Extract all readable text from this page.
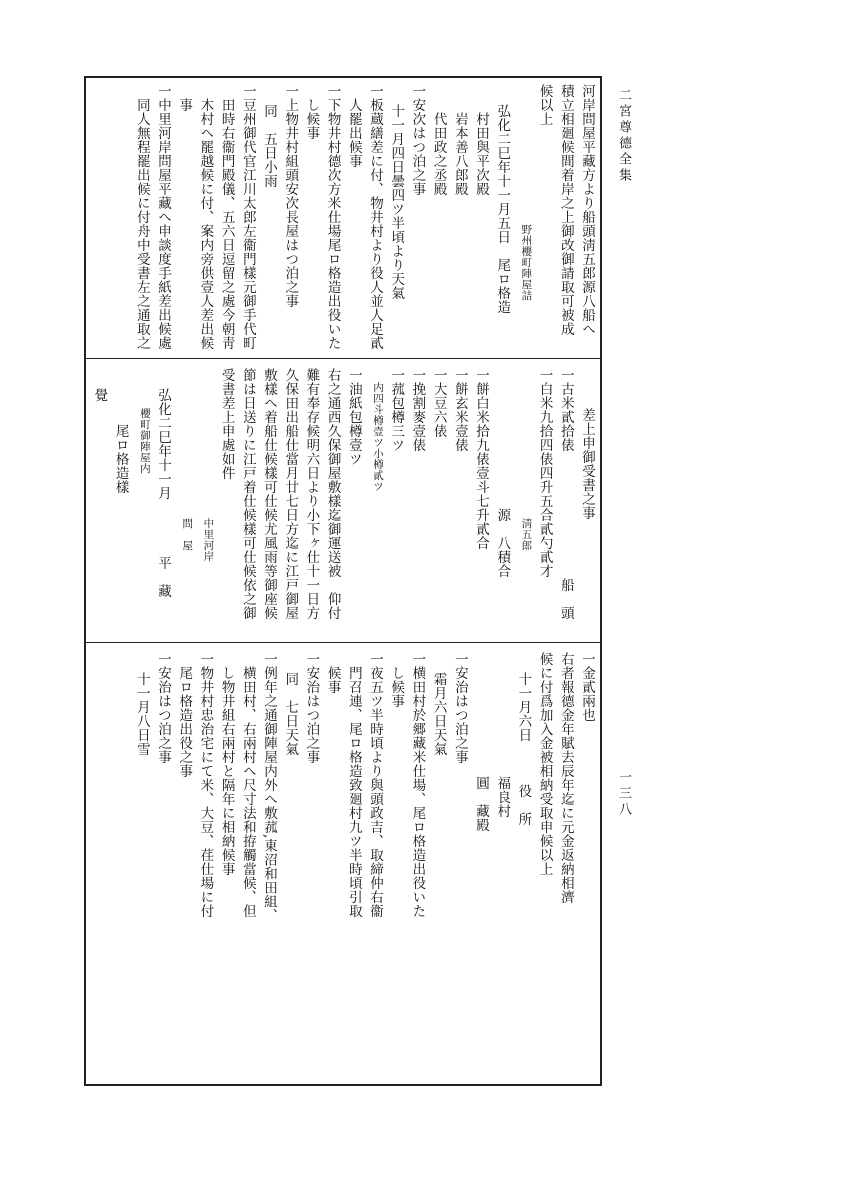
二宮尊德全集
一三八
河岸問屋平藏方より船頭淸五郎源八船へ
積立相廻候間着岸之上御改御請取可被成
候以上
野州櫻町陣屋詰
弘化二巳年十一月五日　尾ロ格造
村田與平次殿
岩本善八郎殿
代田政之丞殿
一安次はつ泊之事
十一月四日曇四ツ半頃より天氣
一板蔵繕差に付、物井村より役人並人足貳
人罷出候事
一下物井村德次方米仕場尾ロ格造出役いた
し候事
一上物井村組頭安次長屋はつ泊之事
同　五日小雨
一豆州御代官江川太郎左衞門樣元御手代町
田時右衞門殿儀、五六日逗留之處今朝靑
木村へ罷越候に付、案内旁供壹人差出候
事
一中里河岸問屋平藏へ申談度手紙差出候處
同人無程罷出候に付舟中受書左之通取之
差上申御受書之事
一古米貳拾俵　　　　　　　　　船　頭
一白米九拾四俵四升五合貳勺貳才
淸五郎
源　八積合
一餅白米拾九俵壹斗七升貳合
一餅玄米壹俵
一大豆六俵
一挽割麥壹俵
一菰包樽三ツ
内四斗樽壹ツ小樽貳ツ
一油紙包樽壹ツ
右之通西久保御屋敷樣迄御運送被　仰付
難有奉存候明六日より小下ヶ仕十一日方
久保田出船仕當月廿七日方迄に江戸御屋
敷樣へ着船仕候樣可仕候尤風雨等御座候
節は日送りに江戸着仕候樣可仕候依之御
受書差上申處如件
中里河岸
問　屋
弘化二巳年十一月　　　　平　藏
櫻町御陣屋内
尾ロ格造樣
覺
一金貳兩也
右者報德金年賦去辰年迄に元金返納相濟
候に付爲加入金被相納受取申候以上
十一月六日　　　役　所
福良村
圓　藏殿
一安治はつ泊之事
霜月六日天氣
一横田村於郷藏米仕場、尾ロ格造出役いた
し候事
一夜五ツ半時頃より與頭政吉、取締仲右衞
門召連、尾ロ格造致廻村九ツ半時頃引取
候事
一安治はつ泊之事
同　七日天氣
一例年之通御陣屋内外へ敷菰,東沼和田組、
横田村、右兩村へ尺寸法和拵觸當候、但
し物井組右兩村と隔年に相納候事
一物井村忠治宅にて米、大豆、荏仕場に付
尾ロ格造出役之事
一安治はつ泊之事
十一月八日雪
